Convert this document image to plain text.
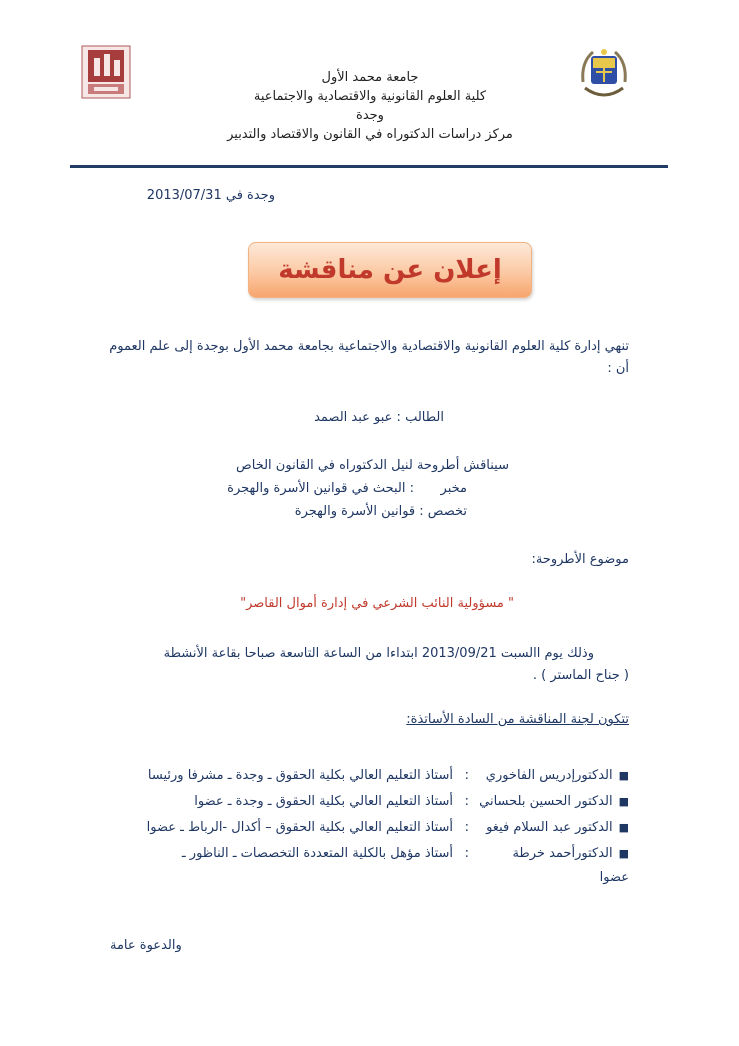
جامعة محمد الأول
كلية العلوم القانونية والاقتصادية والاجتماعية
وجدة
مركز دراسات الدكتوراه في القانون والاقتصاد والتدبير
وجدة في 2013/07/31
إعلان عن مناقشة
تنهي إدارة كلية العلوم القانونية والاقتصادية والاجتماعية بجامعة محمد الأول بوجدة إلى علم العموم أن :
الطالب : عبو عبد الصمد
سيناقش أطروحة لنيل الدكتوراه في القانون الخاص
مخبر
: البحث في قوانين الأسرة والهجرة
تخصص : قوانين الأسرة والهجرة
موضوع الأطروحة:
" مسؤولية النائب الشرعي في إدارة أموال القاصر"
وذلك يوم االسبت 2013/09/21 ابتداءا من الساعة التاسعة صباحا بقاعة الأنشطة
( جناح الماستر ) .
تتكون لجنة المناقشة من السادة الأساتذة:
■الدكتورإدريس الفاخوري
:
أستاذ التعليم العالي بكلية الحقوق ـ وجدة ـ مشرفا ورئيسا
■الدكتور الحسين بلحساني
:
أستاذ التعليم العالي بكلية الحقوق ـ وجدة ـ عضوا
■الدكتور عبد السلام فيغو
:
أستاذ التعليم العالي بكلية الحقوق – أكدال -الرباط ـ عضوا
■الدكتورأحمد خرطة
:
أستاذ مؤهل بالكلية المتعددة التخصصات ـ الناظور ـ
عضوا
والدعوة عامة
